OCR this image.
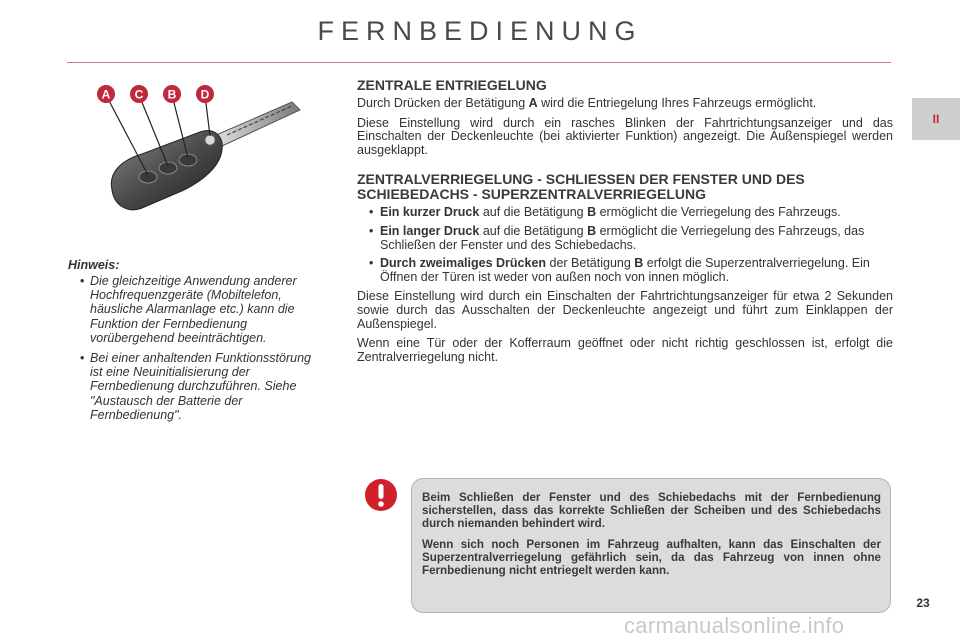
FERNBEDIENUNG
II
A C B D
Hinweis:
• Die gleichzeitige Anwendung anderer Hochfrequenzgeräte (Mobiltelefon, häusliche Alarmanlage etc.) kann die Funktion der Fernbedienung vorübergehend beeinträchtigen.
• Bei einer anhaltenden Funktionsstörung ist eine Neuinitialisierung der Fernbedienung durchzuführen. Siehe "Austausch der Batterie der Fernbedienung".
ZENTRALE ENTRIEGELUNG

Durch Drücken der Betätigung A wird die Entriegelung Ihres Fahrzeugs ermöglicht.

Diese Einstellung wird durch ein rasches Blinken der Fahrtrichtungsanzeiger und das Einschalten der Deckenleuchte (bei aktivierter Funktion) angezeigt. Die Außenspiegel werden ausgeklappt.

ZENTRALVERRIEGELUNG - SCHLIESSEN DER FENSTER UND DES SCHIEBEDACHS - SUPERZENTRALVERRIEGELUNG
• Ein kurzer Druck auf die Betätigung B ermöglicht die Verriegelung des Fahrzeugs.
• Ein langer Druck auf die Betätigung B ermöglicht die Verriegelung des Fahrzeugs, das Schließen der Fenster und des Schiebedachs.
• Durch zweimaliges Drücken der Betätigung B erfolgt die Superzentralverriegelung. Ein Öffnen der Türen ist weder von außen noch von innen möglich.

Diese Einstellung wird durch ein Einschalten der Fahrtrichtungsanzeiger für etwa 2 Sekunden sowie durch das Ausschalten der Deckenleuchte angezeigt und führt zum Einklappen der Außenspiegel.

Wenn eine Tür oder der Kofferraum geöffnet oder nicht richtig geschlossen ist, erfolgt die Zentralverriegelung nicht.

Beim Schließen der Fenster und des Schiebedachs mit der Fernbedienung sicherstellen, dass das korrekte Schließen der Scheiben und des Schiebedachs durch niemanden behindert wird.

Wenn sich noch Personen im Fahrzeug aufhalten, kann das Einschalten der Superzentralverriegelung gefährlich sein, da das Fahrzeug von innen ohne Fernbedienung nicht entriegelt werden kann.

23
carmanualsonline.info
